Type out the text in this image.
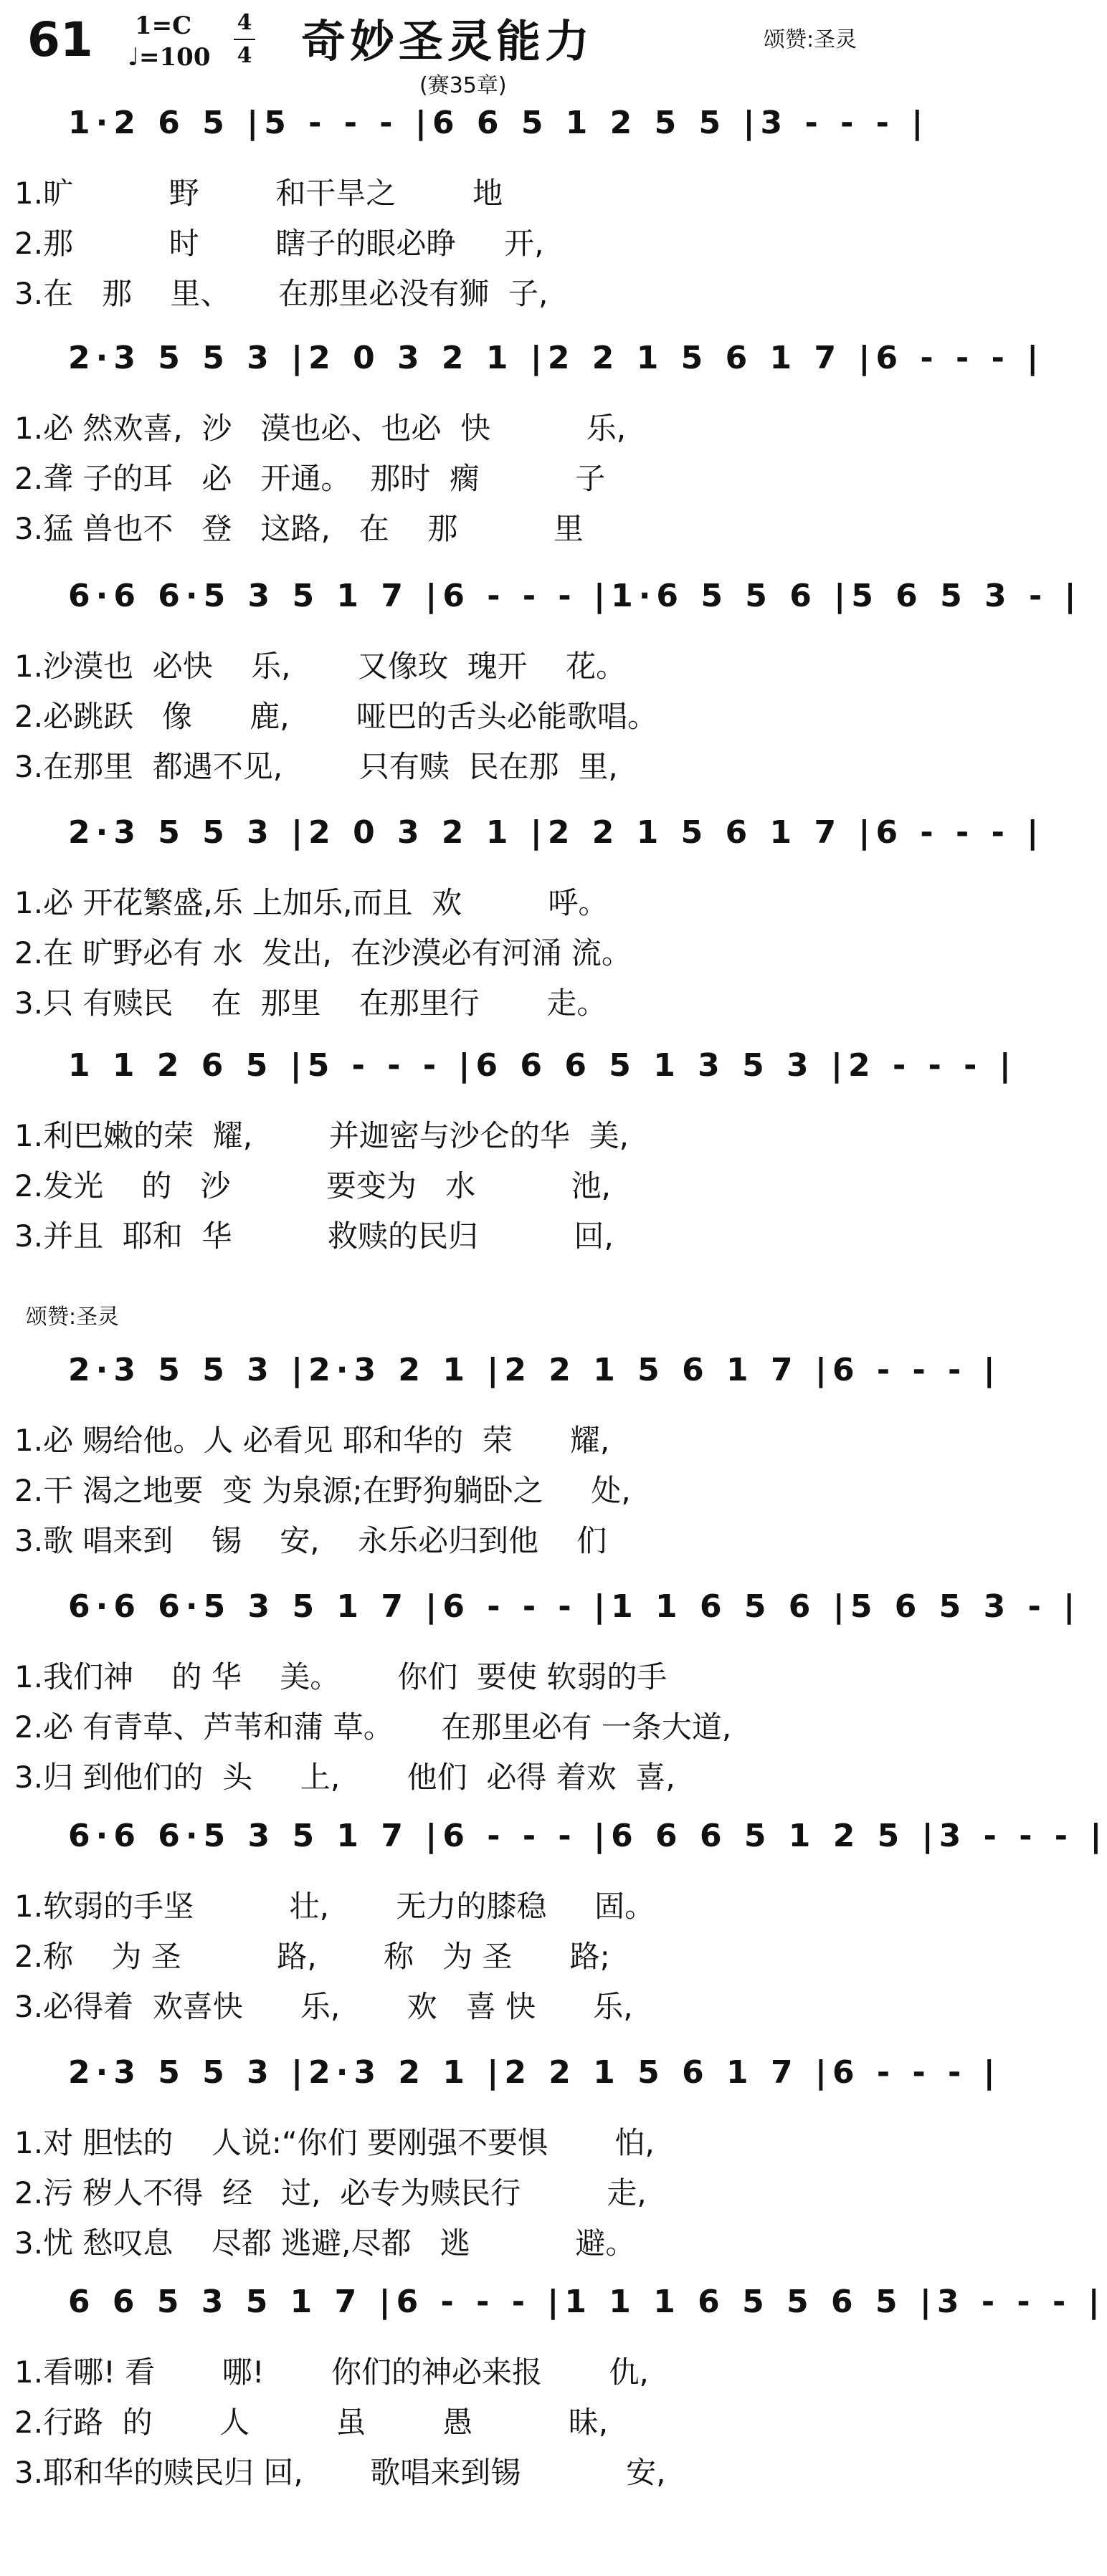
61 1=C
♩=100
4
4 奇妙圣灵能力
(赛35章)
颂赞:圣灵
颂赞:圣灵
1·2 6 5 |5 - - - |6 6 5 1 2 5 5 |3 - - - |
1.旷          野        和干旱之        地
2.那          时        瞎子的眼必睁     开,
3.在   那    里、     在那里必没有狮  子,
2·3 5 5 3 |2 0 3 2 1 |2 2 1 5 6 1 7 |6 - - - |
1.必 然欢喜,  沙   漠也必、也必  快          乐,
2.聋 子的耳   必   开通。  那时  瘸          子
3.猛 兽也不   登   这路,   在    那          里
6·6 6·5 3 5 1 7 |6 - - - |1·6 5 5 6 |5 6 5 3 - |
1.沙漠也  必快    乐,       又像玫  瑰开    花。
2.必跳跃   像      鹿,       哑巴的舌头必能歌唱。
3.在那里  都遇不见,        只有赎  民在那  里,
2·3 5 5 3 |2 0 3 2 1 |2 2 1 5 6 1 7 |6 - - - |
1.必 开花繁盛,乐 上加乐,而且  欢         呼。
2.在 旷野必有 水  发出,  在沙漠必有河涌 流。
3.只 有赎民    在  那里    在那里行       走。
1 1 2 6 5 |5 - - - |6 6 6 5 1 3 5 3 |2 - - - |
1.利巴嫩的荣  耀,        并迦密与沙仑的华  美,
2.发光    的   沙          要变为   水          池,
3.并且  耶和  华          救赎的民归          回,
2·3 5 5 3 |2·3 2 1 |2 2 1 5 6 1 7 |6 - - - |
1.必 赐给他。人 必看见 耶和华的  荣      耀,
2.干 渴之地要  变 为泉源;在野狗躺卧之     处,
3.歌 唱来到    锡    安,    永乐必归到他    们
6·6 6·5 3 5 1 7 |6 - - - |1 1 6 5 6 |5 6 5 3 - |
1.我们神    的 华    美。      你们  要使 软弱的手
2.必 有青草、芦苇和蒲 草。     在那里必有 一条大道,
3.归 到他们的  头     上,       他们  必得 着欢  喜,
6·6 6·5 3 5 1 7 |6 - - - |6 6 6 5 1 2 5 |3 - - - |
1.软弱的手坚          壮,       无力的膝稳     固。
2.称    为 圣          路,       称   为 圣      路;
3.必得着  欢喜快      乐,       欢   喜 快      乐,
2·3 5 5 3 |2·3 2 1 |2 2 1 5 6 1 7 |6 - - - |
1.对 胆怯的    人说:“你们 要刚强不要惧       怕,
2.污 秽人不得  经   过,  必专为赎民行         走,
3.忧 愁叹息    尽都 逃避,尽都   逃           避。
6 6 5 3 5 1 7 |6 - - - |1 1 1 6 5 5 6 5 |3 - - - |
1.看哪! 看       哪!       你们的神必来报       仇,
2.行路  的       人         虽        愚          昧,
3.耶和华的赎民归 回,       歌唱来到锡           安,
